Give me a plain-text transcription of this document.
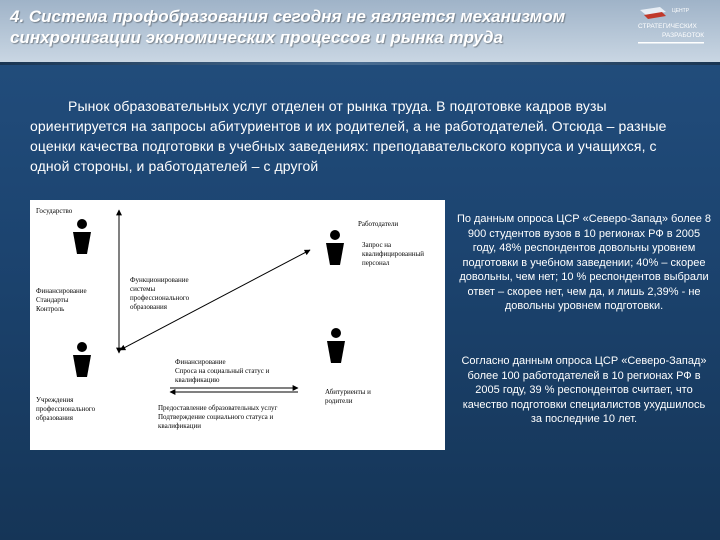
4. Система профобразования сегодня не является механизмом синхронизации экономических процессов и рынка труда
ЦЕНТР
СТРАТЕГИЧЕСКИХ
РАЗРАБОТОК
Рынок образовательных услуг отделен от рынка труда. В подготовке кадров вузы ориентируется на запросы абитуриентов и их родителей, а не работодателей. Отсюда – разные оценки качества подготовки в учебных заведениях: преподавательского корпуса и учащихся, с одной стороны, и работодателей – с другой
Государство
Работодатели
Запрос на
квалифицированный
персонал
Финансирование
Стандарты
Контроль
Функционирование
системы
профессионального
образования
Финансирование
Спроса на социальный статус и
квалификацию
Абитуриенты и
родители
Учреждения
профессионального
образования
Предоставление образовательных услуг
Подтверждение социального статуса и
квалификации
По данным опроса ЦСР «Северо-Запад» более 8 900 студентов вузов в 10 регионах РФ в 2005 году, 48% респондентов довольны уровнем подготовки в учебном заведении; 40% – скорее довольны, чем нет; 10 % респондентов выбрали ответ – скорее нет, чем да, и лишь 2,39% - не довольны уровнем подготовки.
Согласно данным опроса ЦСР «Северо-Запад» более 100 работодателей в 10 регионах РФ в 2005 году, 39 % респондентов считает, что качество подготовки специалистов ухудшилось за последние 10 лет.
